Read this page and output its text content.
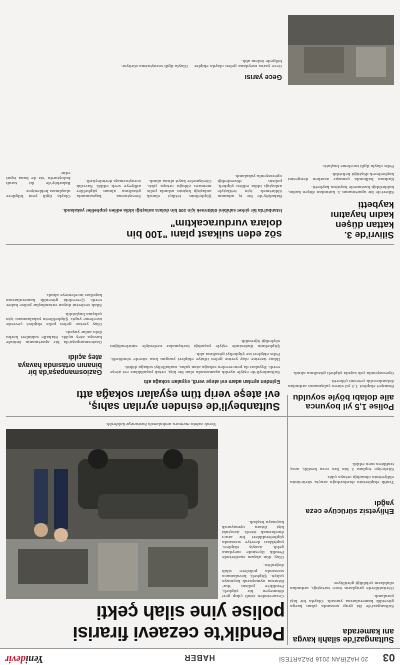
03
20 HAZİRAN 2016 PAZARTESİ
HABER
Yenidevir
Pendik'te cezaevi firarisi
polise yine silah çekti
Sultangazi'de silahlı kavga anı kamerada

Sultangazi'de iki grup arasında çıkan kavga güvenlik kameralarına yansıdı. Olayda bir kişi yaralandı.

Görüntülerde grupların önce tartıştığı, ardından silahların çekildiği görülüyor.

Cezaevinden izinli çıkıp geri dönmeyen bir şüpheli, Pendik'te polisin 'dur' ihtarına uymayarak kaçmaya çalıştı. Şüpheli, kovalamaca sırasında polislere silah doğrulttu.

Olay, dün akşam saatlerinde Pendik ilçesinde meydana geldi. Asayiş ekipleri, yaptıkları devriye sırasında şüphelendikleri bir aracı durdurmak istedi. Araçtaki kişi ihtara uymayarak kaçmaya başladı.

Yaralı zabıta memuru ambulansla hastaneye kaldırıldı.
Ehliyetsiz sürücüye ceza yağdı

Trafik ekiplerinin durdurduğu araçta sürücünün ehliyetinin olmadığı ortaya çıktı.

Sürücüye toplam 3 bin lira ceza kesildi, araç trafikten men edildi.

Sultanbeyli'de esinden ayrılan sahış,
evi ateşe verip tüm eşyaları sokağa attı
Eşinden ayrılan adam evi ateşe verdi, eşyaları sokağa attı

Sultanbeyli'de eşiyle ayrılık aşamasında olan bir kişi, ortak yaşadıkları evi ateşe verdi. Eşyaları da pencereden sokağa atan şahıs, mahalleliyi sokağa döktü.

İhbar üzerine olay yerine gelen itfaiye ekipleri yangını kısa sürede söndürdü. Polis ekipleri ise şüpheliyi gözaltına aldı.

Şüphelinin ifadesinde eşiyle yaşadığı tartışmalar nedeniyle sinirlendiğini söylediği öğrenildi.

Polise 1,5 yıl boyunca
aile dolabı böyle soyuldu

Emniyet ekipleri 1,5 yıl süren çalışmanın ardından dolandırıcılık çetesini çökertti.

Operasyonda çok sayıda şüpheli gözaltına alındı.

Gaziosmanpaşa'da bir binanın ortasında havaya ateş açıldı

Gaziosmanpaşa'da bir apartmanın önünde havaya ateş açıldı. Mahalle sakinleri korku dolu anlar yaşadı.

Olay yerine gelen polis ekipleri çevrede inceleme yaptı. Şüphelilerin yakalanması için çalışma başlatıldı.

Silah seslerini duyan vatandaşlar polise haber verdi. Çevredeki güvenlik kameralarının kayıtları incelemeye alındı.

söz eden suikast planı "100 bin
dolara vurduracaktım"
İstanbul'da bir şirket sahibini öldürmek için 100 bin dolara anlaştığı iddia edilen şüpheliler yakalandı.

Bakırköy'de bir iş adamını öldürtmek için tetikçiyle anlaştığı iddia edilen şüpheli, polisin düzenlediği operasyonla yakalandı.

Şüphelinin tetikçi olarak anlaştığı kişinin aslında polis memuru olduğu ortaya çıktı. Görüşmeler kayıt altına alındı.

Soruşturma kapsamında gözaltına alınan şüpheliler adliyeye sevk edildi. Savcılık soruşturmayı derinleştirdi.

Olayla ilgili yeni bilgilere ulaşılması bekleniyor.

Bakırköy'de iki tarafı buluşturdu 'siz de bana ispat edin'

Silivri'de 3.
kattan düşen
kadın hayatını
kaybetti

Silivri'de bir apartmanın 3. katından düşen kadın, kaldırıldığı hastanede hayatını kaybetti.

Kadının balkonda çamaşır asarken dengesini kaybederek düştüğü belirtildi.

Polis olayla ilgili inceleme başlattı.

Gece yarısı

Gece yarısı meydana gelen olayda ekipler bölgede önlem aldı.

Olayla ilgili soruşturma sürüyor.
